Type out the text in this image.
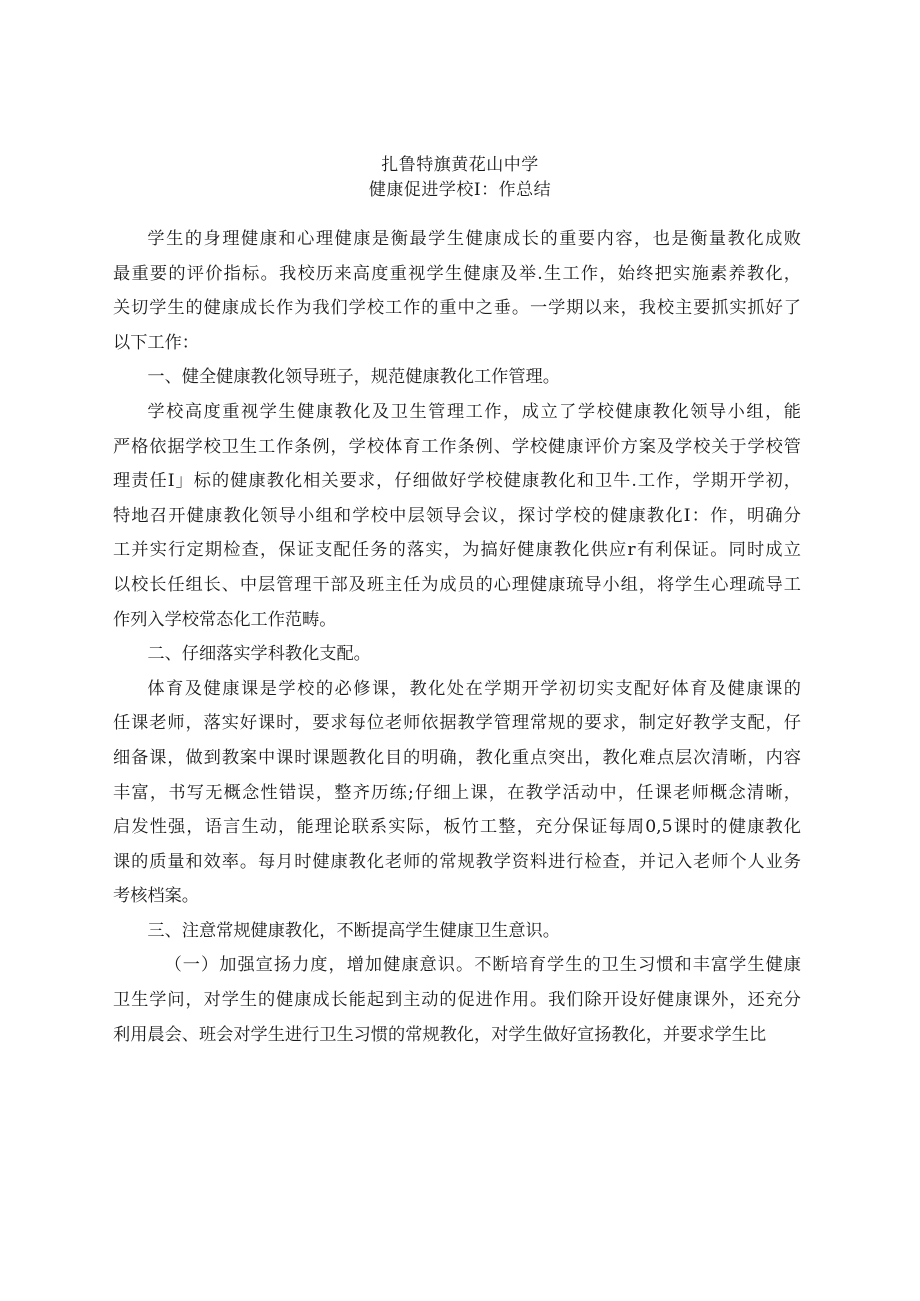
扎鲁特旗黄花山中学
健康促进学校I：作总结
学生的身理健康和心理健康是衡最学生健康成长的重要内容，也是衡量教化成败
最重要的评价指标。我校历来高度重视学生健康及举.生工作，始终把实施素养教化，
关切学生的健康成长作为我们学校工作的重中之垂。一学期以来，我校主要抓实抓好了
以下工作：
一、健全健康教化领导班子，规范健康教化工作管理。
学校高度重视学生健康教化及卫生管理工作，成立了学校健康教化领导小组，能
严格依据学校卫生工作条例，学校体育工作条例、学校健康评价方案及学校关于学校管
理责任I」标的健康教化相关要求，仔细做好学校健康教化和卫牛.工作，学期开学初，
特地召开健康教化领导小组和学校中层领导会议，探讨学校的健康教化I：作，明确分
工并实行定期检查，保证支配任务的落实，为搞好健康教化供应r有利保证。同时成立
以校长任组长、中层管理干部及班主任为成员的心理健康琉导小组，将学生心理疏导工
作列入学校常态化工作范畴。
二、仔细落实学科教化支配。
体育及健康课是学校的必修课，教化处在学期开学初切实支配好体育及健康课的
任课老师，落实好课时，要求每位老师依据教学管理常规的要求，制定好教学支配，仔
细备课，做到教案中课时课题教化目的明确，教化重点突出，教化难点层次清晰，内容
丰富，书写无概念性错误，整齐历练;仔细上课，在教学活动中，任课老师概念清晰，
启发性强，语言生动，能理论联系实际，板竹工整，充分保证每周0,5课时的健康教化
课的质量和效率。每月时健康教化老师的常规教学资料进行检查，并记入老师个人业务
考核档案。
三、注意常规健康教化，不断提高学生健康卫生意识。
（一）加强宣扬力度，增加健康意识。不断培育学生的卫生习惯和丰富学生健康
卫生学问，对学生的健康成长能起到主动的促进作用。我们除开设好健康课外，还充分
利用晨会、班会对学生进行卫生习惯的常规教化，对学生做好宣扬教化，并要求学生比
